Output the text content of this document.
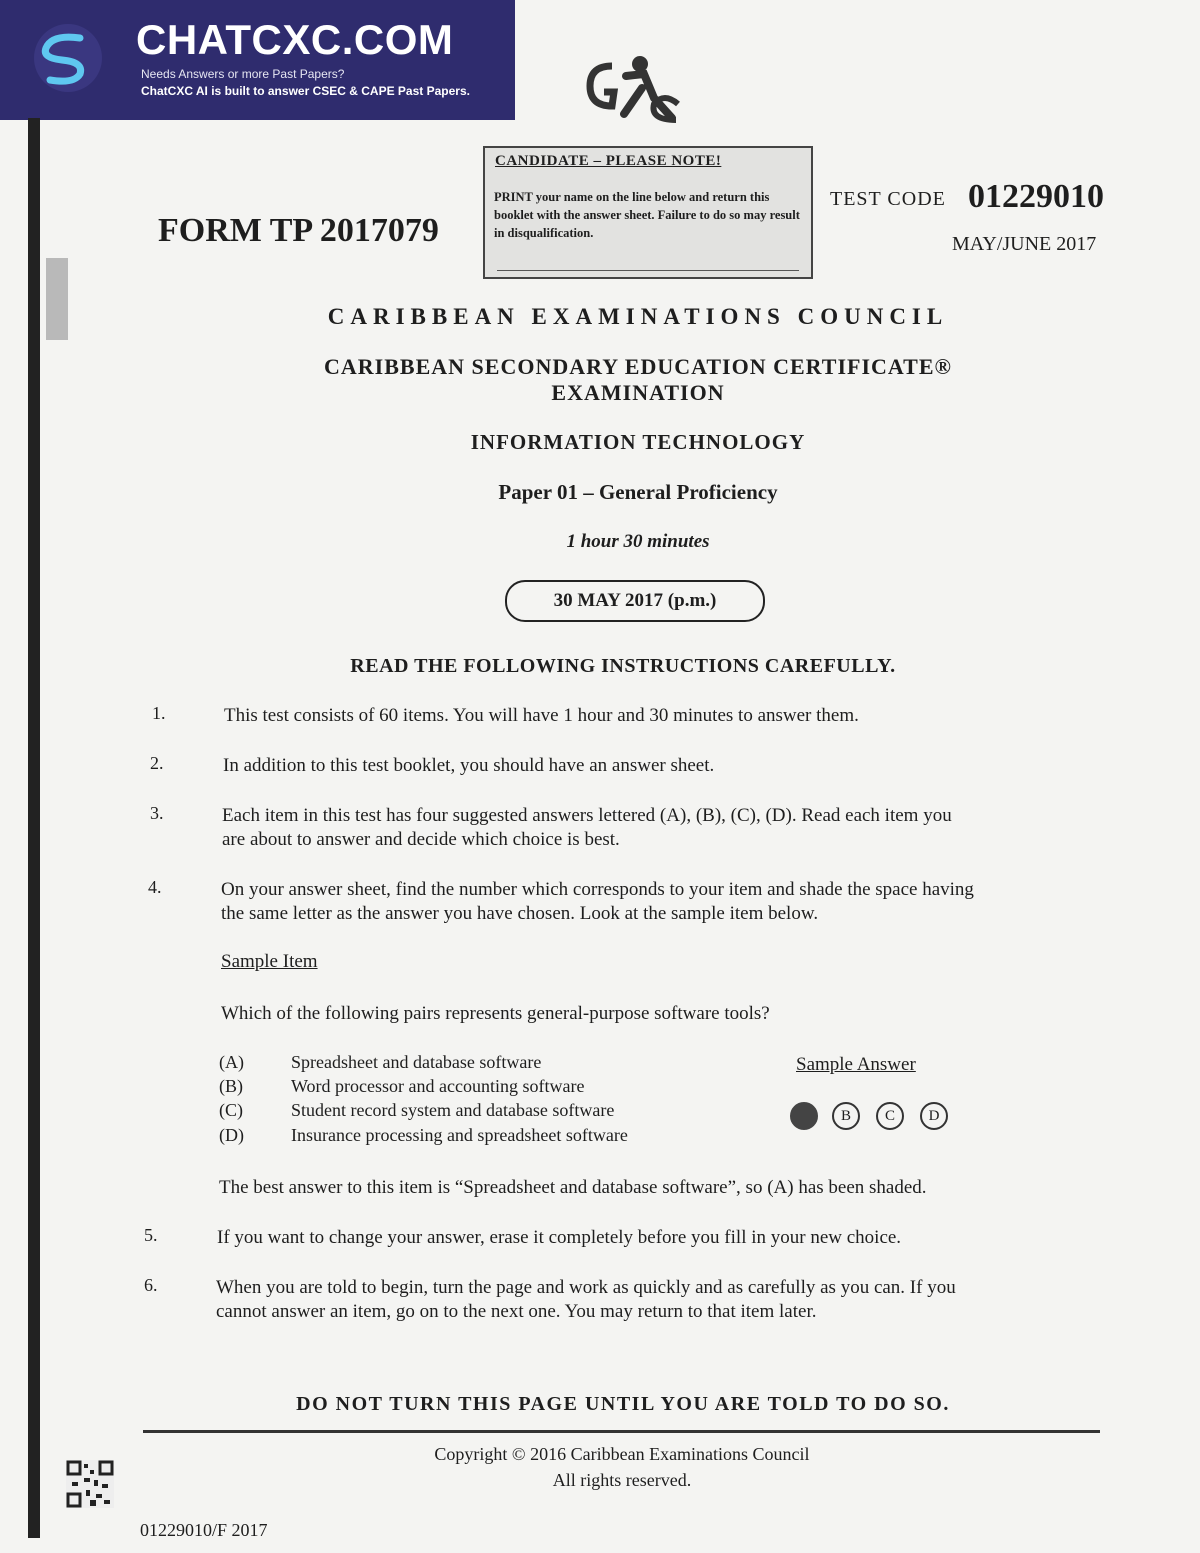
CHATCXC.COM
Needs Answers or more Past Papers?
ChatCXC AI is built to answer CSEC & CAPE Past Papers.
FORM TP 2017079
CANDIDATE – PLEASE NOTE!
PRINT your name on the line below and return this booklet with the answer sheet. Failure to do so may result in disqualification.
TEST CODE 01229010
MAY/JUNE 2017
CARIBBEAN EXAMINATIONS COUNCIL
CARIBBEAN SECONDARY EDUCATION CERTIFICATE®
EXAMINATION
INFORMATION TECHNOLOGY
Paper 01 – General Proficiency
1 hour 30 minutes
30 MAY 2017 (p.m.)
READ THE FOLLOWING INSTRUCTIONS CAREFULLY.
1.	This test consists of 60 items. You will have 1 hour and 30 minutes to answer them.
2.	In addition to this test booklet, you should have an answer sheet.
3.	Each item in this test has four suggested answers lettered (A), (B), (C), (D). Read each item you
are about to answer and decide which choice is best.
4.	On your answer sheet, find the number which corresponds to your item and shade the space having
the same letter as the answer you have chosen. Look at the sample item below.
Sample Item
Which of the following pairs represents general-purpose software tools?
(A)	Spreadsheet and database software
(B)	Word processor and accounting software
(C)	Student record system and database software
(D)	Insurance processing and spreadsheet software
Sample Answer
B	C	D
The best answer to this item is “Spreadsheet and database software”, so (A) has been shaded.
5.	If you want to change your answer, erase it completely before you fill in your new choice.
6.	When you are told to begin, turn the page and work as quickly and as carefully as you can. If you
cannot answer an item, go on to the next one. You may return to that item later.
DO NOT TURN THIS PAGE UNTIL YOU ARE TOLD TO DO SO.
Copyright © 2016 Caribbean Examinations Council
All rights reserved.
01229010/F 2017
